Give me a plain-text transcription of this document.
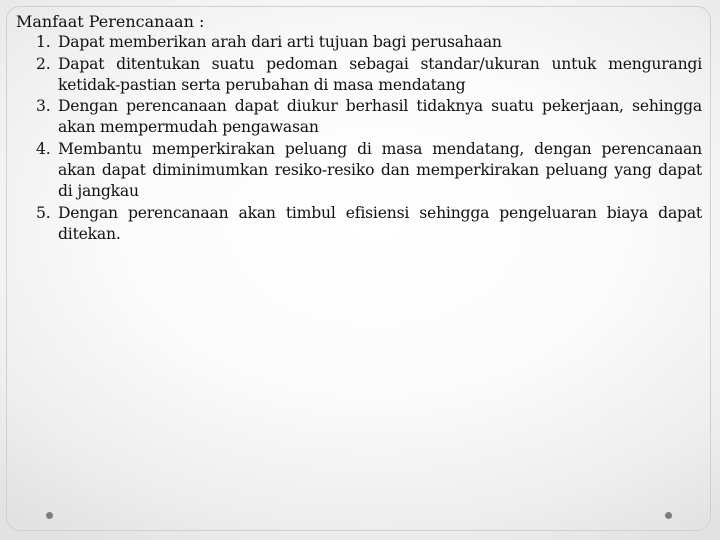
Manfaat Perencanaan :

1. Dapat memberikan arah dari arti tujuan bagi perusahaan
2. Dapat ditentukan suatu pedoman sebagai standar/ukuran untuk mengurangi ketidak-pastian serta perubahan di masa mendatang
3. Dengan perencanaan dapat diukur berhasil tidaknya suatu pekerjaan, sehingga akan mempermudah pengawasan
4. Membantu memperkirakan peluang di masa mendatang, dengan perencanaan akan dapat diminimumkan resiko-resiko dan memperkirakan peluang yang dapat di jangkau
5. Dengan perencanaan akan timbul efisiensi sehingga pengeluaran biaya dapat ditekan.
